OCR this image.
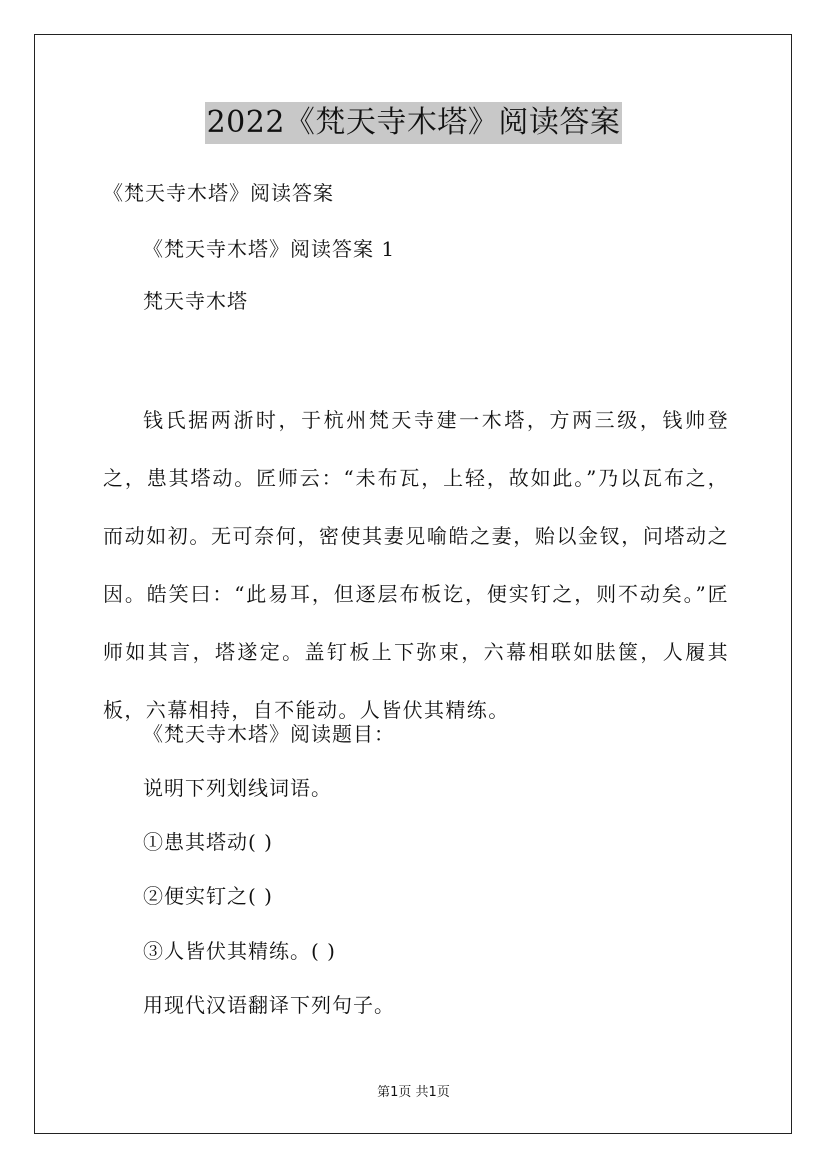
2022《梵天寺木塔》阅读答案
《梵天寺木塔》阅读答案
《梵天寺木塔》阅读答案 1
梵天寺木塔
钱氏据两浙时，于杭州梵天寺建一木塔，方两三级，钱帅登之，患其塔动。匠师云：“未布瓦，上轻，故如此。”乃以瓦布之，而动如初。无可奈何，密使其妻见喻皓之妻，贻以金钗，问塔动之因。皓笑曰：“此易耳，但逐层布板讫，便实钉之，则不动矣。”匠师如其言，塔遂定。盖钉板上下弥束，六幕相联如胠箧，人履其板，六幕相持，自不能动。人皆伏其精练。
《梵天寺木塔》阅读题目：
说明下列划线词语。
①患其塔动( )
②便实钉之( )
③人皆伏其精练。( )
用现代汉语翻译下列句子。
第1页 共1页
